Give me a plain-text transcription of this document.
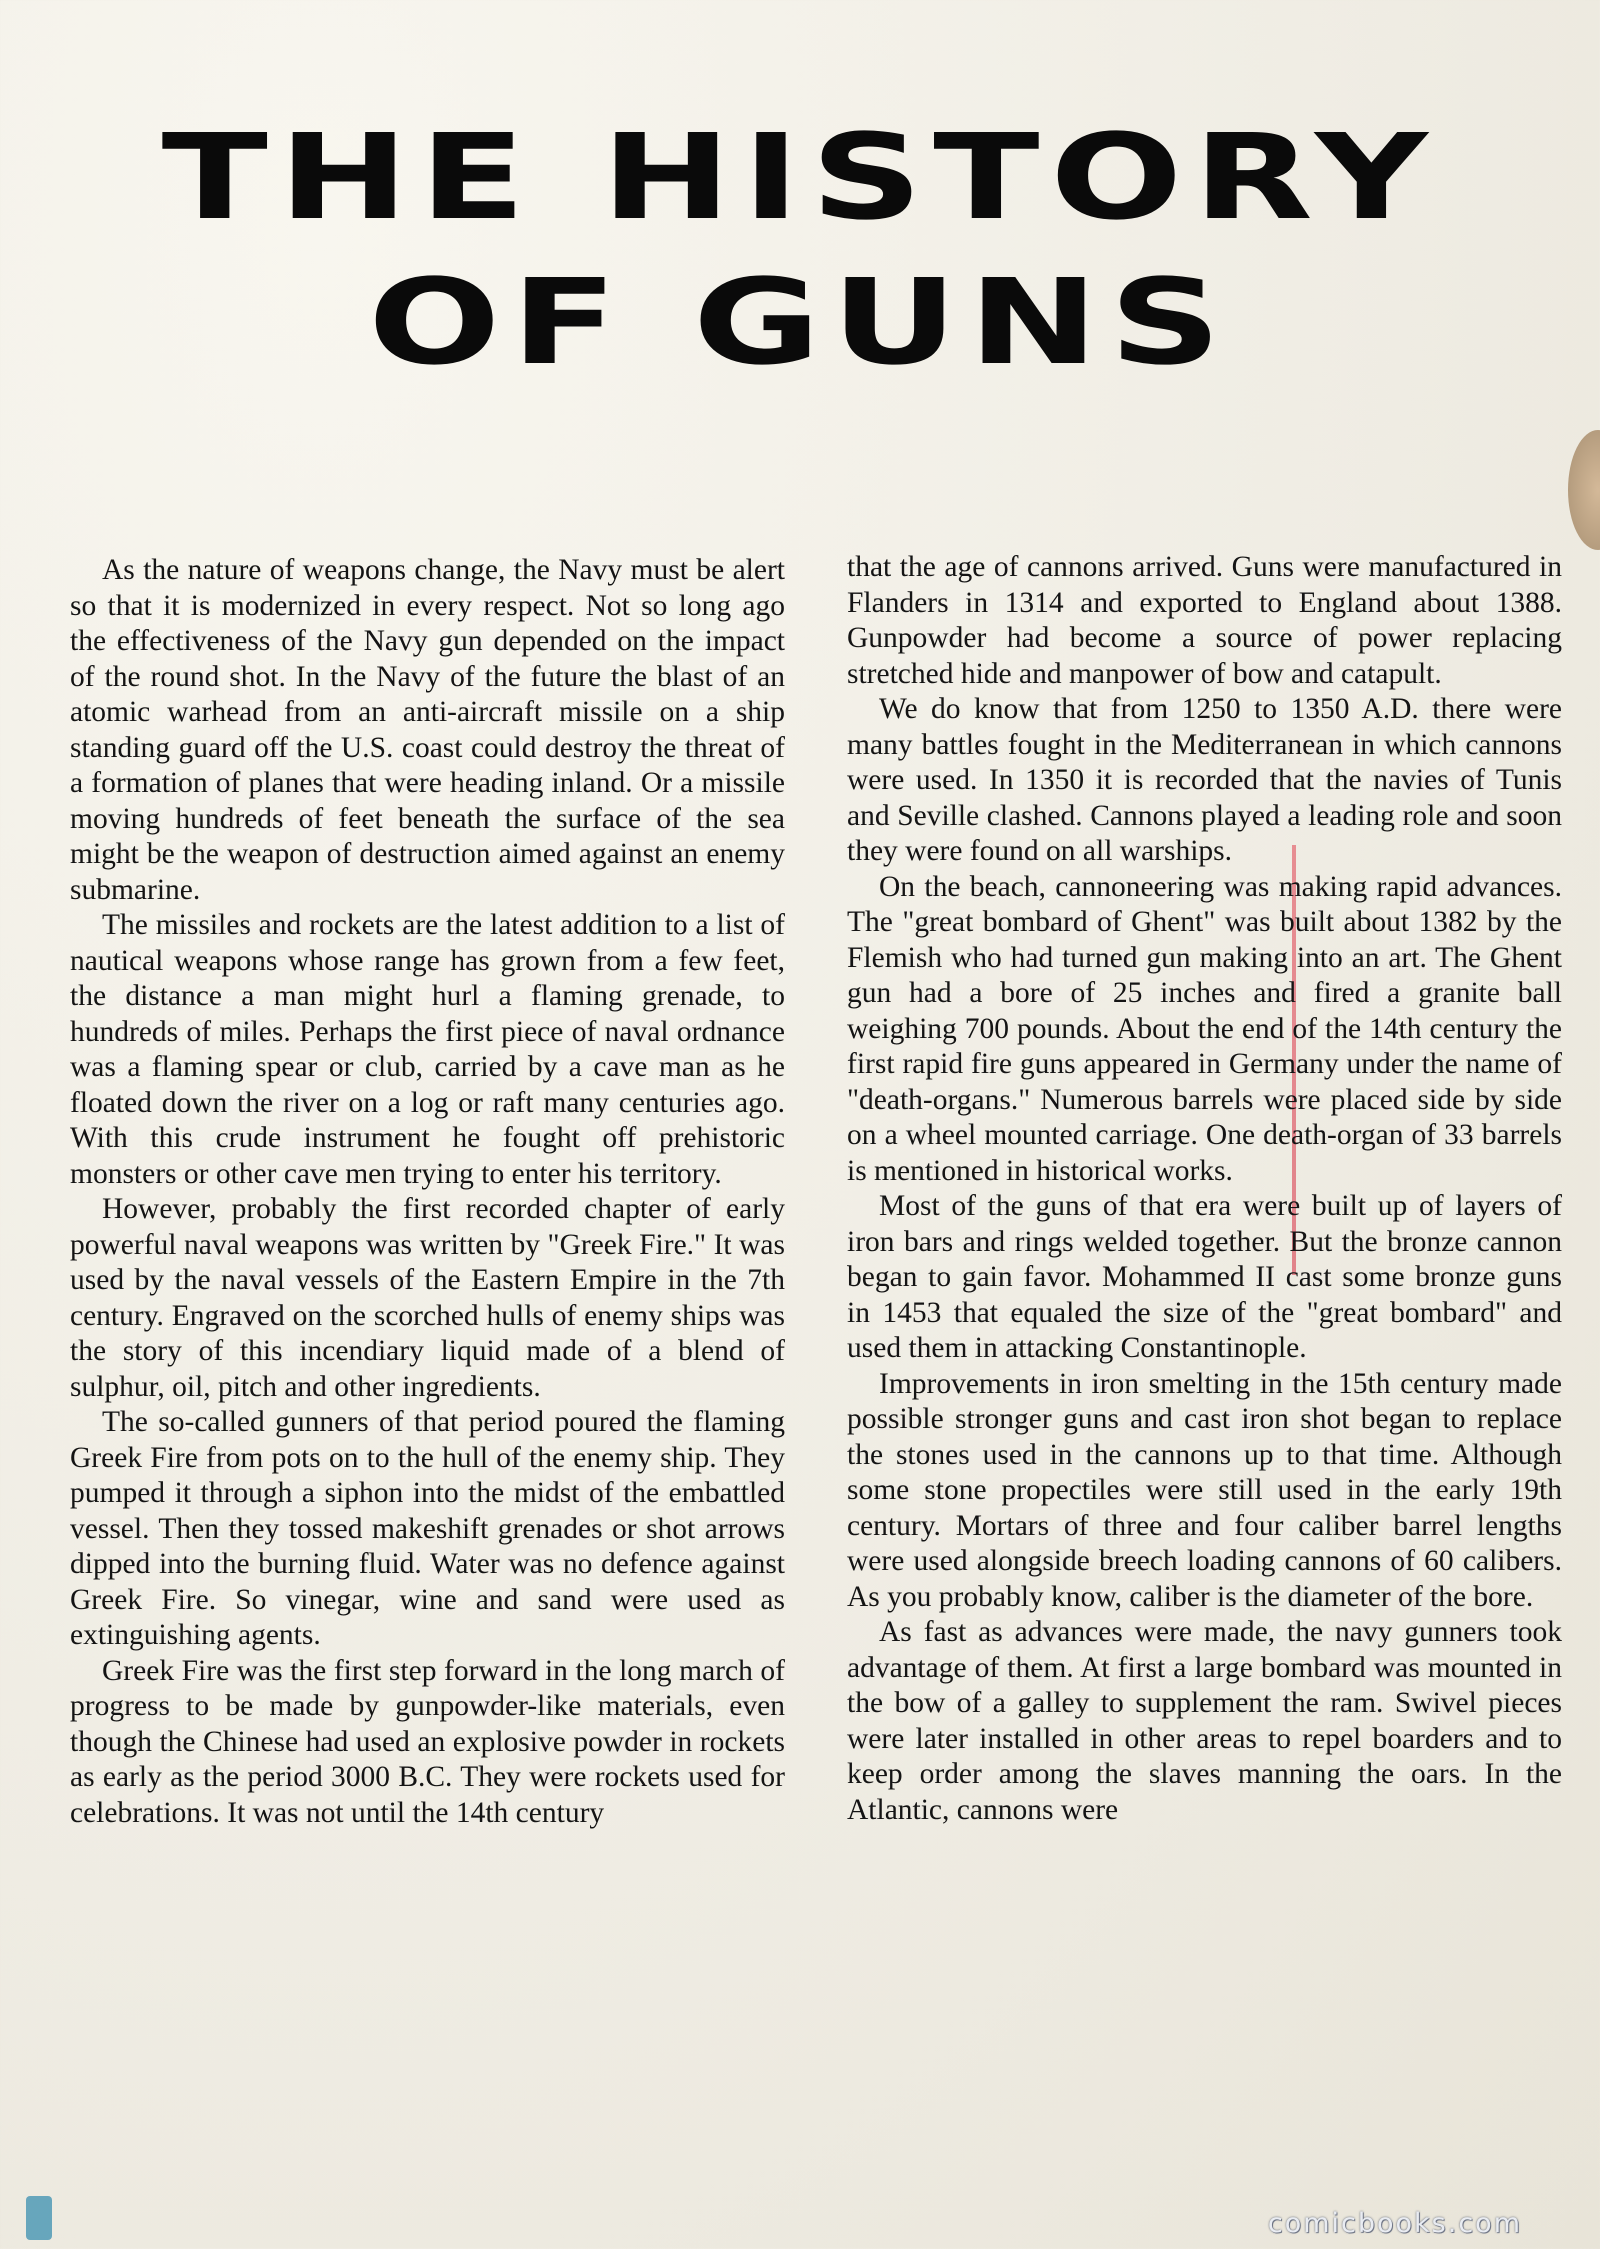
THE HISTORY
OF GUNS

As the nature of weapons change, the Navy must be alert so that it is modernized in every respect. Not so long ago the effectiveness of the Navy gun depended on the impact of the round shot. In the Navy of the future the blast of an atomic warhead from an anti-aircraft missile on a ship standing guard off the U.S. coast could destroy the threat of a formation of planes that were heading inland. Or a missile moving hundreds of feet beneath the surface of the sea might be the weapon of destruction aimed against an enemy submarine.

The missiles and rockets are the latest addition to a list of nautical weapons whose range has grown from a few feet, the distance a man might hurl a flaming grenade, to hundreds of miles. Perhaps the first piece of naval ordnance was a flaming spear or club, carried by a cave man as he floated down the river on a log or raft many centuries ago. With this crude instrument he fought off prehistoric monsters or other cave men trying to enter his territory.

However, probably the first recorded chapter of early powerful naval weapons was written by "Greek Fire." It was used by the naval vessels of the Eastern Empire in the 7th century. Engraved on the scorched hulls of enemy ships was the story of this incendiary liquid made of a blend of sulphur, oil, pitch and other ingredients.

The so-called gunners of that period poured the flaming Greek Fire from pots on to the hull of the enemy ship. They pumped it through a siphon into the midst of the embattled vessel. Then they tossed makeshift grenades or shot arrows dipped into the burning fluid. Water was no defence against Greek Fire. So vinegar, wine and sand were used as extinguishing agents.

Greek Fire was the first step forward in the long march of progress to be made by gunpowder-like materials, even though the Chinese had used an explosive powder in rockets as early as the period 3000 B.C. They were rockets used for celebrations. It was not until the 14th century

that the age of cannons arrived. Guns were manufactured in Flanders in 1314 and exported to England about 1388. Gunpowder had become a source of power replacing stretched hide and manpower of bow and catapult.

We do know that from 1250 to 1350 A.D. there were many battles fought in the Mediterranean in which cannons were used. In 1350 it is recorded that the navies of Tunis and Seville clashed. Cannons played a leading role and soon they were found on all warships.

On the beach, cannoneering was making rapid advances. The "great bombard of Ghent" was built about 1382 by the Flemish who had turned gun making into an art. The Ghent gun had a bore of 25 inches and fired a granite ball weighing 700 pounds. About the end of the 14th century the first rapid fire guns appeared in Germany under the name of "death-organs." Numerous barrels were placed side by side on a wheel mounted carriage. One death-organ of 33 barrels is mentioned in historical works.

Most of the guns of that era were built up of layers of iron bars and rings welded together. But the bronze cannon began to gain favor. Mohammed II cast some bronze guns in 1453 that equaled the size of the "great bombard" and used them in attacking Constantinople.

Improvements in iron smelting in the 15th century made possible stronger guns and cast iron shot began to replace the stones used in the cannons up to that time. Although some stone propectiles were still used in the early 19th century. Mortars of three and four caliber barrel lengths were used alongside breech loading cannons of 60 calibers. As you probably know, caliber is the diameter of the bore.

As fast as advances were made, the navy gunners took advantage of them. At first a large bombard was mounted in the bow of a galley to supplement the ram. Swivel pieces were later installed in other areas to repel boarders and to keep order among the slaves manning the oars. In the Atlantic, cannons were

comicbooks.com
